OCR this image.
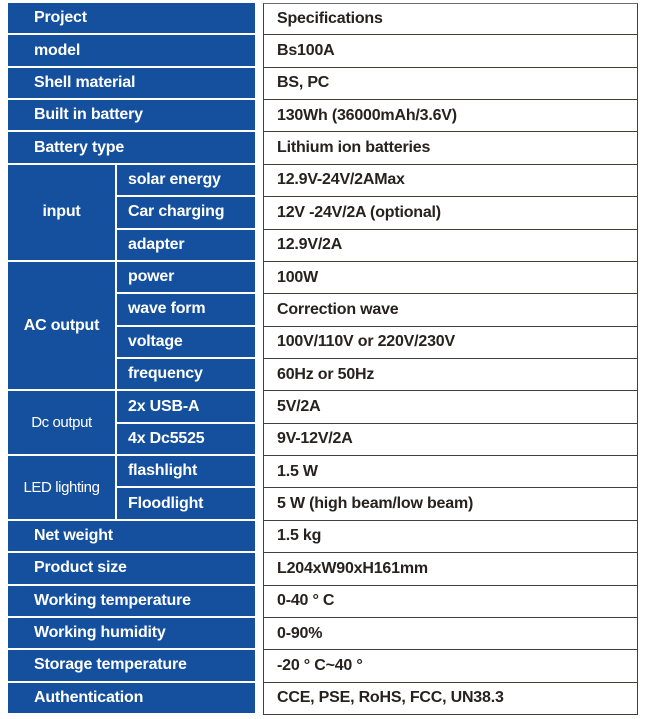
Project	Specifications
model	Bs100A
Shell material	BS, PC
Built in battery	130Wh (36000mAh/3.6V)
Battery type	Lithium ion batteries
input
solar energy	12.9V-24V/2AMax
Car charging	12V -24V/2A (optional)
adapter	12.9V/2A
AC output
power	100W
wave form	Correction wave
voltage	100V/110V or 220V/230V
frequency	60Hz or 50Hz
Dc output
2x USB-A	5V/2A
4x Dc5525	9V-12V/2A
LED lighting
flashlight	1.5 W
Floodlight	5 W (high beam/low beam)
Net weight	1.5 kg
Product size	L204xW90xH161mm
Working temperature	0-40 ° C
Working humidity	0-90%
Storage temperature	-20 ° C~40 °
Authentication	CCE, PSE, RoHS, FCC, UN38.3
